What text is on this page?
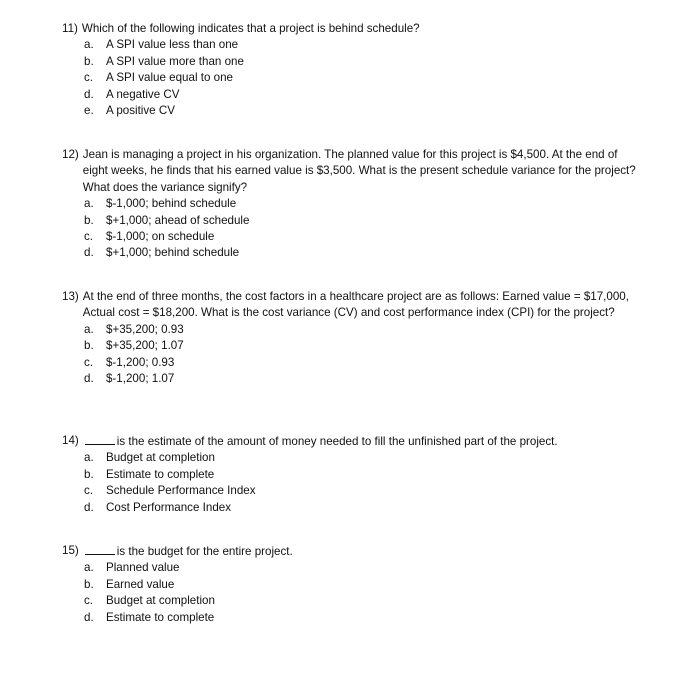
11) Which of the following indicates that a project is behind schedule?
a.	A SPI value less than one
b.	A SPI value more than one
c.	A SPI value equal to one
d.	A negative CV
e.	A positive CV
12) Jean is managing a project in his organization. The planned value for this project is $4,500. At the end of eight weeks, he finds that his earned value is $3,500. What is the present schedule variance for the project? What does the variance signify?
a.	$-1,000; behind schedule
b.	$+1,000; ahead of schedule
c.	$-1,000; on schedule
d.	$+1,000; behind schedule
13) At the end of three months, the cost factors in a healthcare project are as follows: Earned value = $17,000, Actual cost = $18,200. What is the cost variance (CV) and cost performance index (CPI) for the project?
a.	$+35,200; 0.93
b.	$+35,200; 1.07
c.	$-1,200; 0.93
d.	$-1,200; 1.07
14)	is the estimate of the amount of money needed to fill the unfinished part of the project.
a.	Budget at completion
b.	Estimate to complete
c.	Schedule Performance Index
d.	Cost Performance Index
15)	is the budget for the entire project.
a.	Planned value
b.	Earned value
c.	Budget at completion
d.	Estimate to complete
